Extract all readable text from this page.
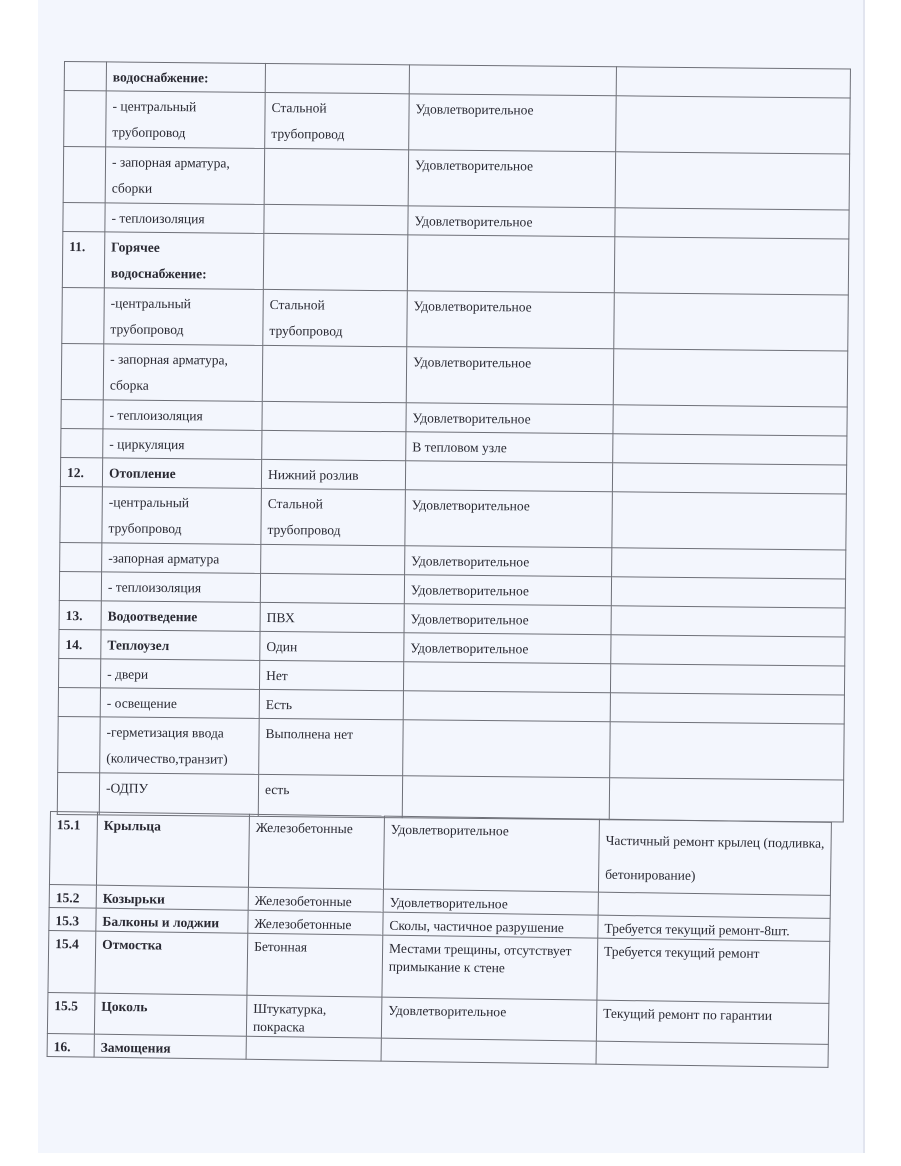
	водоснабжение:			
	- центральный трубопровод	Стальной трубопровод	Удовлетворительное	
	- запорная арматура, сборки		Удовлетворительное	
	- теплоизоляция		Удовлетворительное	
11.	Горячее водоснабжение:			
	-центральный трубопровод	Стальной трубопровод	Удовлетворительное	
	- запорная арматура, сборка		Удовлетворительное	
	- теплоизоляция		Удовлетворительное	
	- циркуляция		В тепловом узле	
12.	Отопление	Нижний розлив		
	-центральный трубопровод	Стальной трубопровод	Удовлетворительное	
	-запорная арматура		Удовлетворительное	
	- теплоизоляция		Удовлетворительное	
13.	Водоотведение	ПВХ	Удовлетворительное	
14.	Теплоузел	Один	Удовлетворительное	
	- двери	Нет		
	- освещение	Есть		
	-герметизация ввода (количество,транзит)	Выполнена нет		
	-ОДПУ	есть		
15.1	Крыльца	Железобетонные	Удовлетворительное	Частичный ремонт крылец (подливка, бетонирование)
15.2	Козырьки	Железобетонные	Удовлетворительное	
15.3	Балконы и лоджии	Железобетонные	Сколы, частичное разрушение	Требуется текущий ремонт-8шт.
15.4	Отмостка	Бетонная	Местами трещины, отсутствует примыкание к стене	Требуется текущий ремонт
15.5	Цоколь	Штукатурка, покраска	Удовлетворительное	Текущий ремонт по гарантии
16.	Замощения			
